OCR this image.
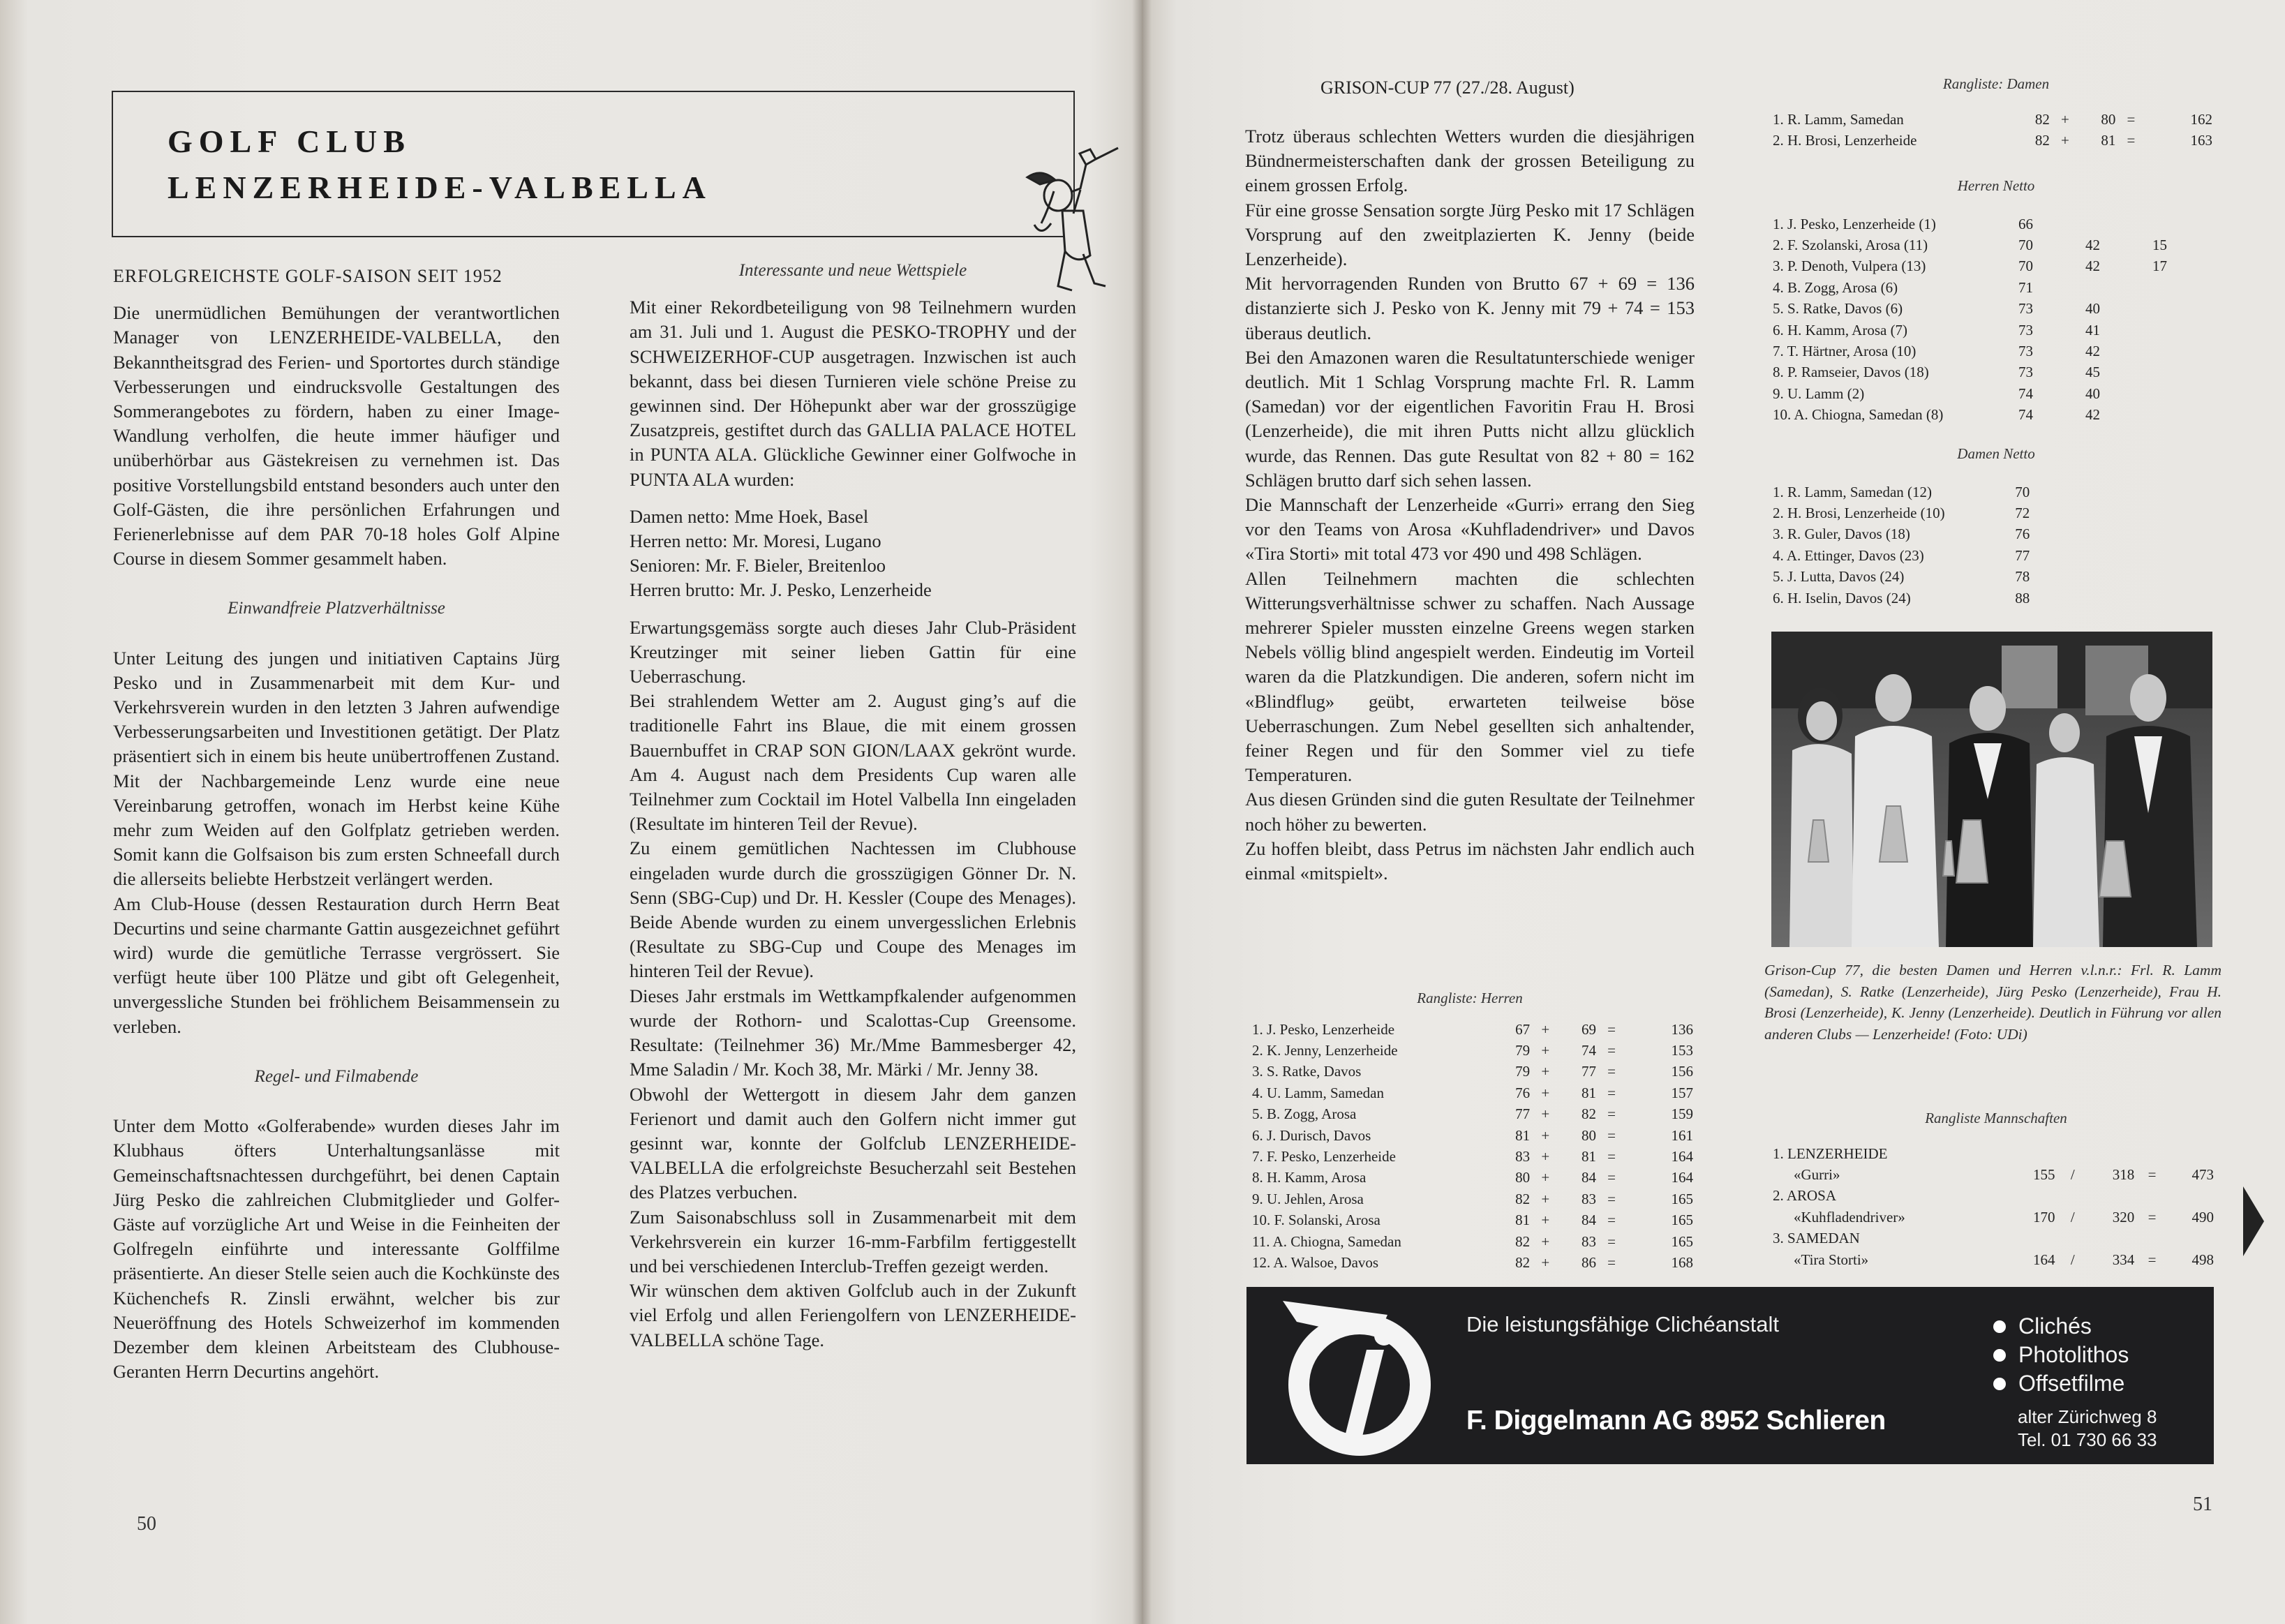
GOLF CLUB
LENZERHEIDE-VALBELLA

ERFOLGREICHSTE GOLF-SAISON SEIT 1952

Die unermüdlichen Bemühungen der verantwortlichen Manager von LENZERHEIDE-VALBELLA, den Bekanntheitsgrad des Ferien- und Sportortes durch ständige Verbesserungen und eindrucksvolle Gestaltungen des Sommerangebotes zu fördern, haben zu einer Image-Wandlung verholfen, die heute immer häufiger und unüberhörbar aus Gästekreisen zu vernehmen ist. Das positive Vorstellungsbild entstand besonders auch unter den Golf-Gästen, die ihre persönlichen Erfahrungen und Ferienerlebnisse auf dem PAR 70-18 holes Golf Alpine Course in diesem Sommer gesammelt haben.

Einwandfreie Platzverhältnisse

Unter Leitung des jungen und initiativen Captains Jürg Pesko und in Zusammenarbeit mit dem Kur- und Verkehrsverein wurden in den letzten 3 Jahren aufwendige Verbesserungsarbeiten und Investitionen getätigt. Der Platz präsentiert sich in einem bis heute unübertroffenen Zustand. Mit der Nachbargemeinde Lenz wurde eine neue Vereinbarung getroffen, wonach im Herbst keine Kühe mehr zum Weiden auf den Golfplatz getrieben werden. Somit kann die Golfsaison bis zum ersten Schneefall durch die allerseits beliebte Herbstzeit verlängert werden.

Am Club-House (dessen Restauration durch Herrn Beat Decurtins und seine charmante Gattin ausgezeichnet geführt wird) wurde die gemütliche Terrasse vergrössert. Sie verfügt heute über 100 Plätze und gibt oft Gelegenheit, unvergessliche Stunden bei fröhlichem Beisammensein zu verleben.

Regel- und Filmabende

Unter dem Motto «Golferabende» wurden dieses Jahr im Klubhaus öfters Unterhaltungsanlässe mit Gemeinschaftsnachtessen durchgeführt, bei denen Captain Jürg Pesko die zahlreichen Clubmitglieder und Golfer-Gäste auf vorzügliche Art und Weise in die Feinheiten der Golfregeln einführte und interessante Golffilme präsentierte. An dieser Stelle seien auch die Kochkünste des Küchenchefs R. Zinsli erwähnt, welcher bis zur Neueröffnung des Hotels Schweizerhof im kommenden Dezember dem kleinen Arbeitsteam des Clubhouse-Geranten Herrn Decurtins angehört.

Interessante und neue Wettspiele

Mit einer Rekordbeteiligung von 98 Teilnehmern wurden am 31. Juli und 1. August die PESKO-TROPHY und der SCHWEIZERHOF-CUP ausgetragen. Inzwischen ist auch bekannt, dass bei diesen Turnieren viele schöne Preise zu gewinnen sind. Der Höhepunkt aber war der grosszügige Zusatzpreis, gestiftet durch das GALLIA PALACE HOTEL in PUNTA ALA. Glückliche Gewinner einer Golfwoche in PUNTA ALA wurden:

Damen netto: Mme Hoek, Basel

Herren netto: Mr. Moresi, Lugano

Senioren: Mr. F. Bieler, Breitenloo

Herren brutto: Mr. J. Pesko, Lenzerheide

Erwartungsgemäss sorgte auch dieses Jahr Club-Präsident Kreutzinger mit seiner lieben Gattin für eine Ueberraschung.

Bei strahlendem Wetter am 2. August ging’s auf die traditionelle Fahrt ins Blaue, die mit einem grossen Bauernbuffet in CRAP SON GION/LAAX gekrönt wurde. Am 4. August nach dem Presidents Cup waren alle Teilnehmer zum Cocktail im Hotel Valbella Inn eingeladen (Resultate im hinteren Teil der Revue).

Zu einem gemütlichen Nachtessen im Clubhouse eingeladen wurde durch die grosszügigen Gönner Dr. N. Senn (SBG-Cup) und Dr. H. Kessler (Coupe des Menages). Beide Abende wurden zu einem unvergesslichen Erlebnis (Resultate zu SBG-Cup und Coupe des Menages im hinteren Teil der Revue).

Dieses Jahr erstmals im Wettkampfkalender aufgenommen wurde der Rothorn- und Scalottas-Cup Greensome. Resultate: (Teilnehmer 36) Mr./Mme Bammesberger 42, Mme Saladin / Mr. Koch 38, Mr. Märki / Mr. Jenny 38.

Obwohl der Wettergott in diesem Jahr dem ganzen Ferienort und damit auch den Golfern nicht immer gut gesinnt war, konnte der Golfclub LENZERHEIDE-VALBELLA die erfolgreichste Besucherzahl seit Bestehen des Platzes verbuchen.

Zum Saisonabschluss soll in Zusammenarbeit mit dem Verkehrsverein ein kurzer 16-mm-Farbfilm fertiggestellt und bei verschiedenen Interclub-Treffen gezeigt werden.

Wir wünschen dem aktiven Golfclub auch in der Zukunft viel Erfolg und allen Feriengolfern von LENZERHEIDE-VALBELLA schöne Tage.

50
GRISON-CUP 77 (27./28. August)

Trotz überaus schlechten Wetters wurden die diesjährigen Bündnermeisterschaften dank der grossen Beteiligung zu einem grossen Erfolg.

Für eine grosse Sensation sorgte Jürg Pesko mit 17 Schlägen Vorsprung auf den zweitplazierten K. Jenny (beide Lenzerheide).

Mit hervorragenden Runden von Brutto 67 + 69 = 136 distanzierte sich J. Pesko von K. Jenny mit 79 + 74 = 153 überaus deutlich.

Bei den Amazonen waren die Resultatunterschiede weniger deutlich. Mit 1 Schlag Vorsprung machte Frl. R. Lamm (Samedan) vor der eigentlichen Favoritin Frau H. Brosi (Lenzerheide), die mit ihren Putts nicht allzu glücklich wurde, das Rennen. Das gute Resultat von 82 + 80 = 162 Schlägen brutto darf sich sehen lassen.

Die Mannschaft der Lenzerheide «Gurri» errang den Sieg vor den Teams von Arosa «Kuhfladendriver» und Davos «Tira Storti» mit total 473 vor 490 und 498 Schlägen.

Allen Teilnehmern machten die schlechten Witterungsverhältnisse schwer zu schaffen. Nach Aussage mehrerer Spieler mussten einzelne Greens wegen starken Nebels völlig blind angespielt werden. Eindeutig im Vorteil waren da die Platzkundigen. Die anderen, sofern nicht im «Blindflug» geübt, erwarteten teilweise böse Ueberraschungen. Zum Nebel gesellten sich anhaltender, feiner Regen und für den Sommer viel zu tiefe Temperaturen.

Aus diesen Gründen sind die guten Resultate der Teilnehmer noch höher zu bewerten.

Zu hoffen bleibt, dass Petrus im nächsten Jahr endlich auch einmal «mitspielt».

Rangliste: Herren
1. J. Pesko, Lenzerheide	67	+	69	=	136
2. K. Jenny, Lenzerheide	79	+	74	=	153
3. S. Ratke, Davos	79	+	77	=	156
4. U. Lamm, Samedan	76	+	81	=	157
5. B. Zogg, Arosa	77	+	82	=	159
6. J. Durisch, Davos	81	+	80	=	161
7. F. Pesko, Lenzerheide	83	+	81	=	164
8. H. Kamm, Arosa	80	+	84	=	164
9. U. Jehlen, Arosa	82	+	83	=	165
10. F. Solanski, Arosa	81	+	84	=	165
11. A. Chiogna, Samedan	82	+	83	=	165
12. A. Walsoe, Davos	82	+	86	=	168
Rangliste: Damen
1. R. Lamm, Samedan	82	+	80	=	162
2. H. Brosi, Lenzerheide	82	+	81	=	163
Herren Netto
1. J. Pesko, Lenzerheide (1)	66		
2. F. Szolanski, Arosa (11)	70	42	15
3. P. Denoth, Vulpera (13)	70	42	17
4. B. Zogg, Arosa (6)	71		
5. S. Ratke, Davos (6)	73	40	
6. H. Kamm, Arosa (7)	73	41	
7. T. Härtner, Arosa (10)	73	42	
8. P. Ramseier, Davos (18)	73	45	
9. U. Lamm (2)	74	40	
10. A. Chiogna, Samedan (8)	74	42	
Damen Netto
1. R. Lamm, Samedan (12)	70
2. H. Brosi, Lenzerheide (10)	72
3. R. Guler, Davos (18)	76
4. A. Ettinger, Davos (23)	77
5. J. Lutta, Davos (24)	78
6. H. Iselin, Davos (24)	88
Grison-Cup 77, die besten Damen und Herren v.l.n.r.: Frl. R. Lamm (Samedan), S. Ratke (Lenzerheide), Jürg Pesko (Lenzerheide), Frau H. Brosi (Lenzerheide), K. Jenny (Lenzerheide). Deutlich in Führung vor allen anderen Clubs — Lenzerheide! (Foto: UDi)
Rangliste Mannschaften
1. LENZERHEIDE					
«Gurri»	155	/	318	=	473
2. AROSA					
«Kuhfladendriver»	170	/	320	=	490
3. SAMEDAN					
«Tira Storti»	164	/	334	=	498
Die leistungsfähige Clichéanstalt
F. Diggelmann AG 8952 Schlieren
Clichés
Photolithos
Offsetfilme
alter Zürichweg 8
Tel. 01 730 66 33
51
